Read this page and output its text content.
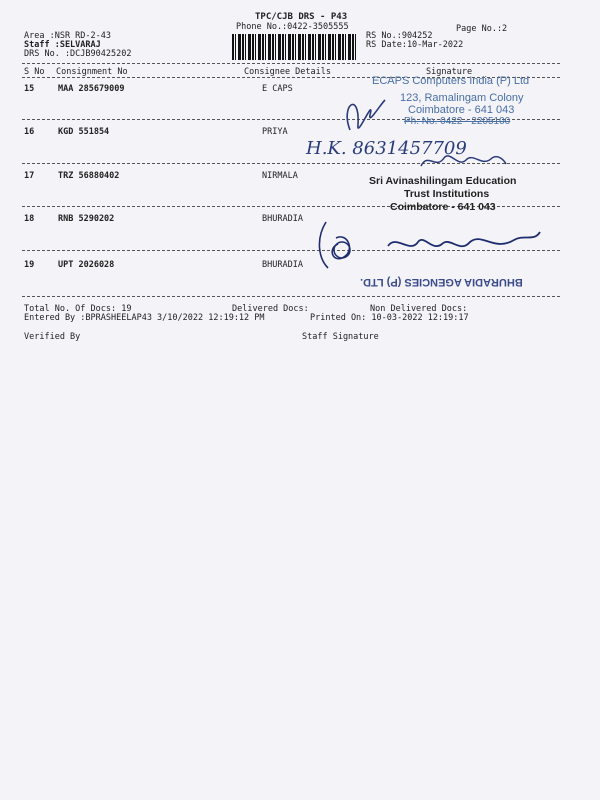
TPC/CJB DRS - P43
Phone No.:0422-3505555	Page No.:2
Area :NSR RD-2-43
Staff :SELVARAJ
DRS No. :DCJB90425202
RS No.:904252
RS Date:10-Mar-2022
S No Consignment No	Consignee Details	Signature
15	MAA 285679009	E CAPS
16	KGD 551854	PRIYA
17	TRZ 56880402	NIRMALA
18	RNB 5290202	BHURADIA
19	UPT 2026028	BHURADIA
ECAPS Computers India (P) Ltd
123, Ramalingam Colony
Coimbatore - 641 043
Ph. No. 0422 - 2205100
H.K. 8631457709
Sri Avinashilingam Education
Trust Institutions
Coimbatore - 641 043
BHURADIA AGENCIES (P) LTD.
Total No. Of Docs: 19	Delivered Docs:	Non Delivered Docs:
Entered By :BPRASHEELAP43 3/10/2022 12:19:12 PM	Printed On: 10-03-2022 12:19:17
Verified By	Staff Signature
